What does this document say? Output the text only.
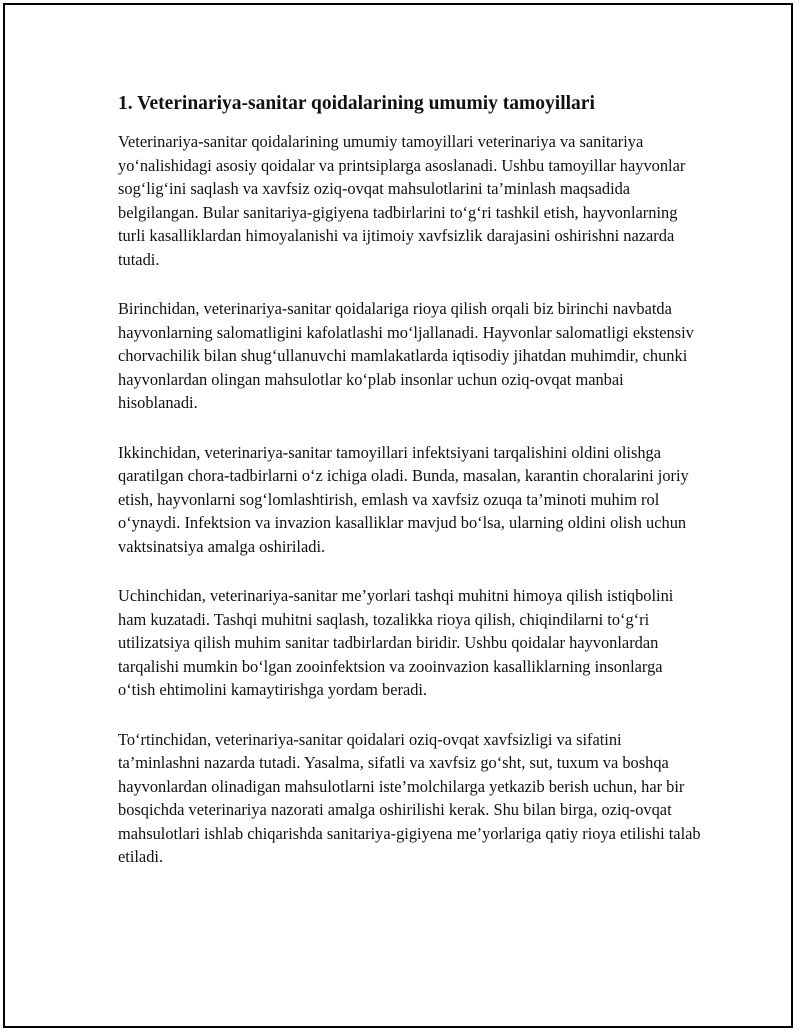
1. Veterinariya-sanitar qoidalarining umumiy tamoyillari

Veterinariya-sanitar qoidalarining umumiy tamoyillari veterinariya va sanitariya yo‘nalishidagi asosiy qoidalar va printsiplarga asoslanadi. Ushbu tamoyillar hayvonlar sog‘lig‘ini saqlash va xavfsiz oziq-ovqat mahsulotlarini ta’minlash maqsadida belgilangan. Bular sanitariya-gigiyena tadbirlarini to‘g‘ri tashkil etish, hayvonlarning turli kasalliklardan himoyalanishi va ijtimoiy xavfsizlik darajasini oshirishni nazarda tutadi.

Birinchidan, veterinariya-sanitar qoidalariga rioya qilish orqali biz birinchi navbatda hayvonlarning salomatligini kafolatlashi mo‘ljallanadi. Hayvonlar salomatligi ekstensiv chorvachilik bilan shug‘ullanuvchi mamlakatlarda iqtisodiy jihatdan muhimdir, chunki hayvonlardan olingan mahsulotlar ko‘plab insonlar uchun oziq-ovqat manbai hisoblanadi.

Ikkinchidan, veterinariya-sanitar tamoyillari infektsiyani tarqalishini oldini olishga qaratilgan chora-tadbirlarni o‘z ichiga oladi. Bunda, masalan, karantin choralarini joriy etish, hayvonlarni sog‘lomlashtirish, emlash va xavfsiz ozuqa ta’minoti muhim rol o‘ynaydi. Infektsion va invazion kasalliklar mavjud bo‘lsa, ularning oldini olish uchun vaktsinatsiya amalga oshiriladi.

Uchinchidan, veterinariya-sanitar me’yorlari tashqi muhitni himoya qilish istiqbolini ham kuzatadi. Tashqi muhitni saqlash, tozalikka rioya qilish, chiqindilarni to‘g‘ri utilizatsiya qilish muhim sanitar tadbirlardan biridir. Ushbu qoidalar hayvonlardan tarqalishi mumkin bo‘lgan zooinfektsion va zooinvazion kasalliklarning insonlarga o‘tish ehtimolini kamaytirishga yordam beradi.

To‘rtinchidan, veterinariya-sanitar qoidalari oziq-ovqat xavfsizligi va sifatini ta’minlashni nazarda tutadi. Yasalma, sifatli va xavfsiz go‘sht, sut, tuxum va boshqa hayvonlardan olinadigan mahsulotlarni iste’molchilarga yetkazib berish uchun, har bir bosqichda veterinariya nazorati amalga oshirilishi kerak. Shu bilan birga, oziq-ovqat mahsulotlari ishlab chiqarishda sanitariya-gigiyena me’yorlariga qatiy rioya etilishi talab etiladi.
